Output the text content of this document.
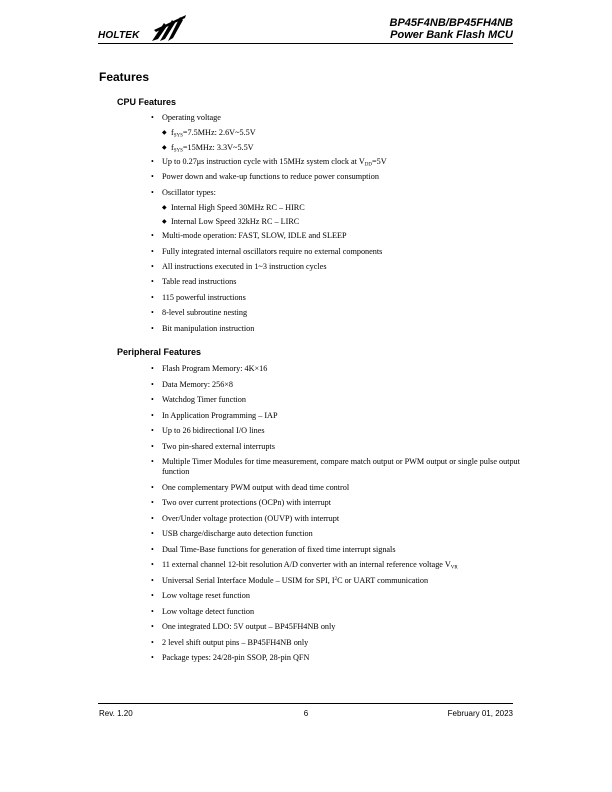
HOLTEK
BP45F4NB/BP45FH4NB
Power Bank Flash MCU
Features
CPU Features
• Operating voltage
◆ $f_{SYS}=7.5MHz$: 2.6V~5.5V
◆ $f_{SYS}=15MHz$: 3.3V~5.5V
• Up to 0.27μs instruction cycle with 15MHz system clock at $V_{DD}=5V$
• Power down and wake-up functions to reduce power consumption
• Oscillator types:
◆ Internal High Speed 30MHz RC – HIRC
◆ Internal Low Speed 32kHz RC – LIRC
• Multi-mode operation: FAST, SLOW, IDLE and SLEEP
• Fully integrated internal oscillators require no external components
• All instructions executed in 1~3 instruction cycles
• Table read instructions
• 115 powerful instructions
• 8-level subroutine nesting
• Bit manipulation instruction
Peripheral Features
• Flash Program Memory: 4K×16
• Data Memory: 256×8
• Watchdog Timer function
• In Application Programming – IAP
• Up to 26 bidirectional I/O lines
• Two pin-shared external interrupts
• Multiple Timer Modules for time measurement, compare match output or PWM output or single pulse output function
• One complementary PWM output with dead time control
• Two over current protections (OCPn) with interrupt
• Over/Under voltage protection (OUVP) with interrupt
• USB charge/discharge auto detection function
• Dual Time-Base functions for generation of fixed time interrupt signals
• 11 external channel 12-bit resolution A/D converter with an internal reference voltage $V_{VR}$
• Universal Serial Interface Module – USIM for SPI, $I^2C$ or UART communication
• Low voltage reset function
• Low voltage detect function
• One integrated LDO: 5V output – BP45FH4NB only
• 2 level shift output pins – BP45FH4NB only
• Package types: 24/28-pin SSOP, 28-pin QFN
Rev. 1.20	6	February 01, 2023
